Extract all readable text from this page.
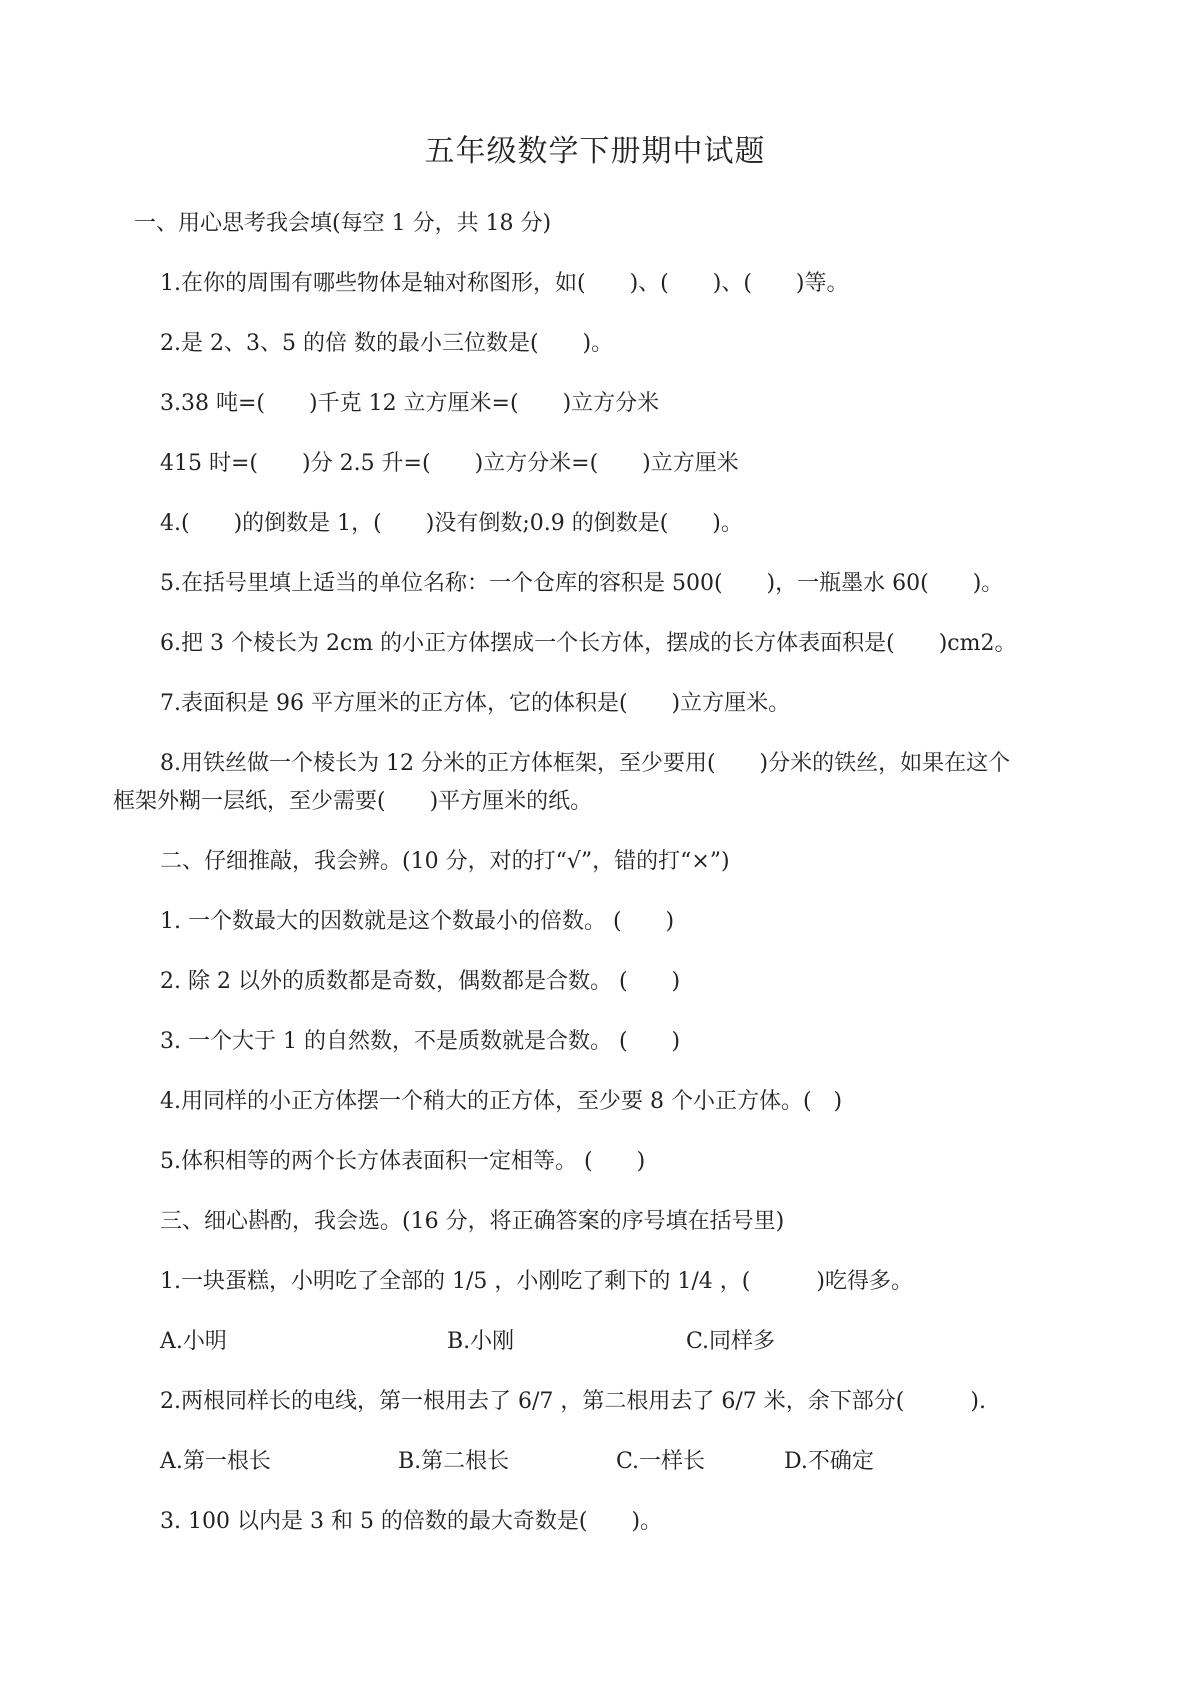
五年级数学下册期中试题
一、用心思考我会填(每空 1 分，共 18 分)
1.在你的周围有哪些物体是轴对称图形，如(　　)、(　　)、(　　)等。
2.是 2、3、5 的倍 数的最小三位数是(　　)。
3.38 吨=(　　)千克 12 立方厘米=(　　)立方分米
415 时=(　　)分 2.5 升=(　　)立方分米=(　　)立方厘米
4.(　　)的倒数是 1，(　　)没有倒数;0.9 的倒数是(　　)。
5.在括号里填上适当的单位名称：一个仓库的容积是 500(　　)，一瓶墨水 60(　　)。
6.把 3 个棱长为 2cm 的小正方体摆成一个长方体，摆成的长方体表面积是(　　)cm2。
7.表面积是 96 平方厘米的正方体，它的体积是(　　)立方厘米。
8.用铁丝做一个棱长为 12 分米的正方体框架，至少要用(　　)分米的铁丝，如果在这个
框架外糊一层纸，至少需要(　　)平方厘米的纸。
二、仔细推敲，我会辨。(10 分，对的打“√”，错的打“×”)
1. 一个数最大的因数就是这个数最小的倍数。 (　　)
2. 除 2 以外的质数都是奇数，偶数都是合数。 (　　)
3. 一个大于 1 的自然数，不是质数就是合数。 (　　)
4.用同样的小正方体摆一个稍大的正方体，至少要 8 个小正方体。(　)
5.体积相等的两个长方体表面积一定相等。 (　　)
三、细心斟酌，我会选。(16 分，将正确答案的序号填在括号里)
1.一块蛋糕，小明吃了全部的 1/5 ，小刚吃了剩下的 1/4 ，(　　　)吃得多。
A.小明	B.小刚	C.同样多
2.两根同样长的电线，第一根用去了 6/7 ，第二根用去了 6/7 米，余下部分(　　　).
A.第一根长	B.第二根长	C.一样长	D.不确定
3. 100 以内是 3 和 5 的倍数的最大奇数是(　　)。
